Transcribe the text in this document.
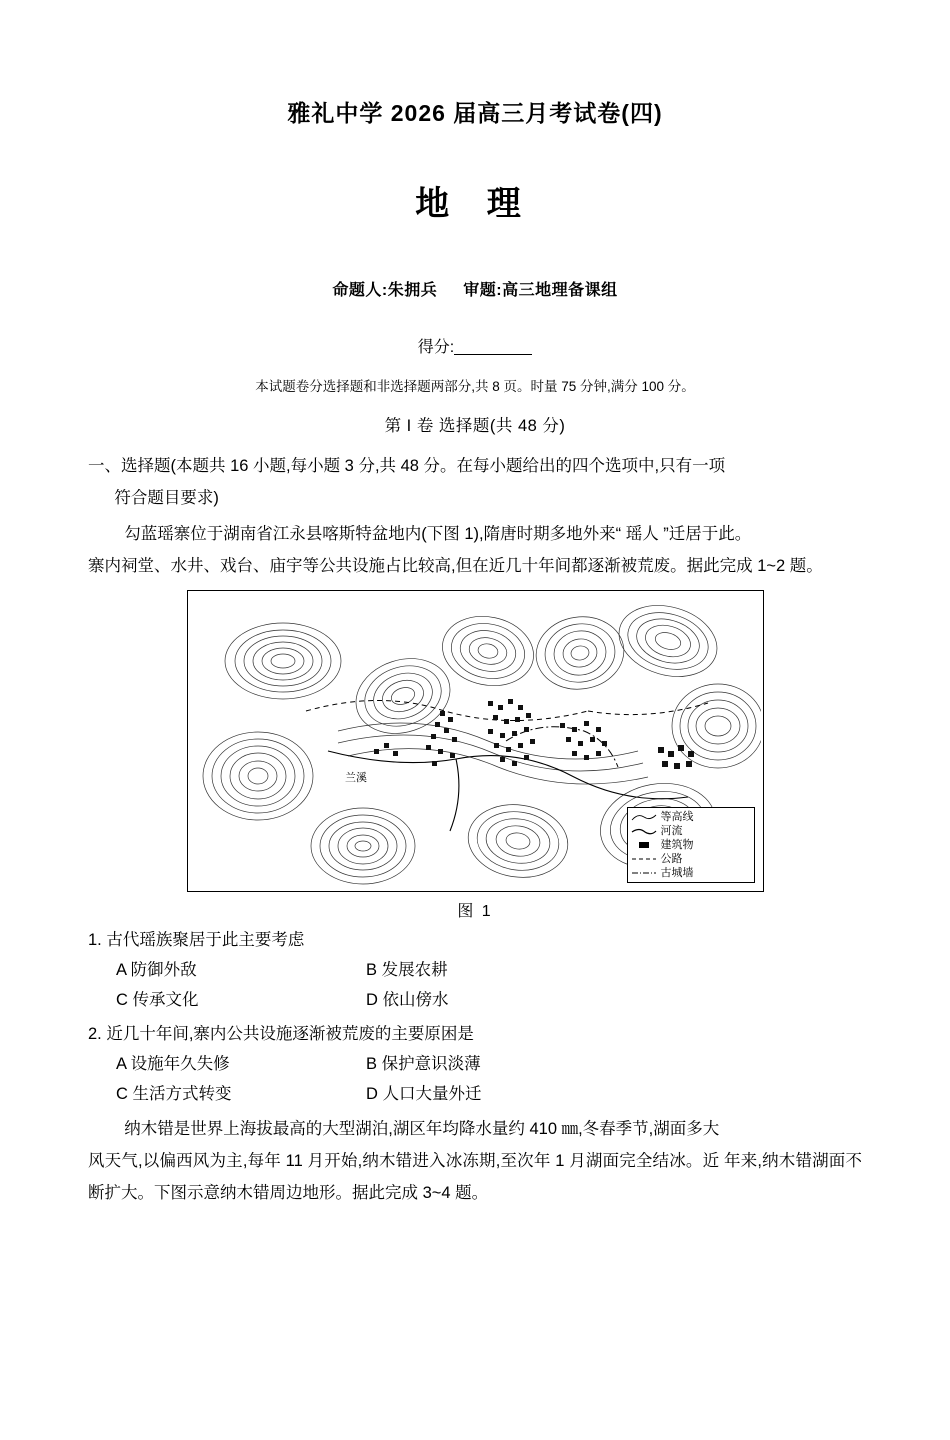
雅礼中学 2026 届高三月考试卷(四)
地 理
命题人:朱拥兵 审题:高三地理备课组
得分:
本试题卷分选择题和非选择题两部分,共 8 页。时量 75 分钟,满分 100 分。
第 I 卷 选择题(共 48 分)
一、选择题(本题共 16 小题,每小题 3 分,共 48 分。在每小题给出的四个选项中,只有一项
符合题目要求)
勾蓝瑶寨位于湖南省江永县喀斯特盆地内(下图 1),隋唐时期多地外来“ 瑶人 ”迁居于此。
寨内祠堂、水井、戏台、庙宇等公共设施占比较高,但在近几十年间都逐渐被荒废。据此完成 1~2 题。
兰溪
等高线
河流
建筑物
公路
古城墙
图 1
1. 古代瑶族聚居于此主要考虑
A 防御外敌	B 发展农耕
C 传承文化	D 依山傍水
2. 近几十年间,寨内公共设施逐渐被荒废的主要原困是
A 设施年久失修	B 保护意识淡薄
C 生活方式转变	D 人口大量外迁
纳木错是世界上海拔最高的大型湖泊,湖区年均降水量约 410 ㎜,冬春季节,湖面多大
风天气,以偏西风为主,每年 11 月开始,纳木错进入冰冻期,至次年 1 月湖面完全结冰。近 年来,纳木错湖面不断扩大。下图示意纳木错周边地形。据此完成 3~4 题。
